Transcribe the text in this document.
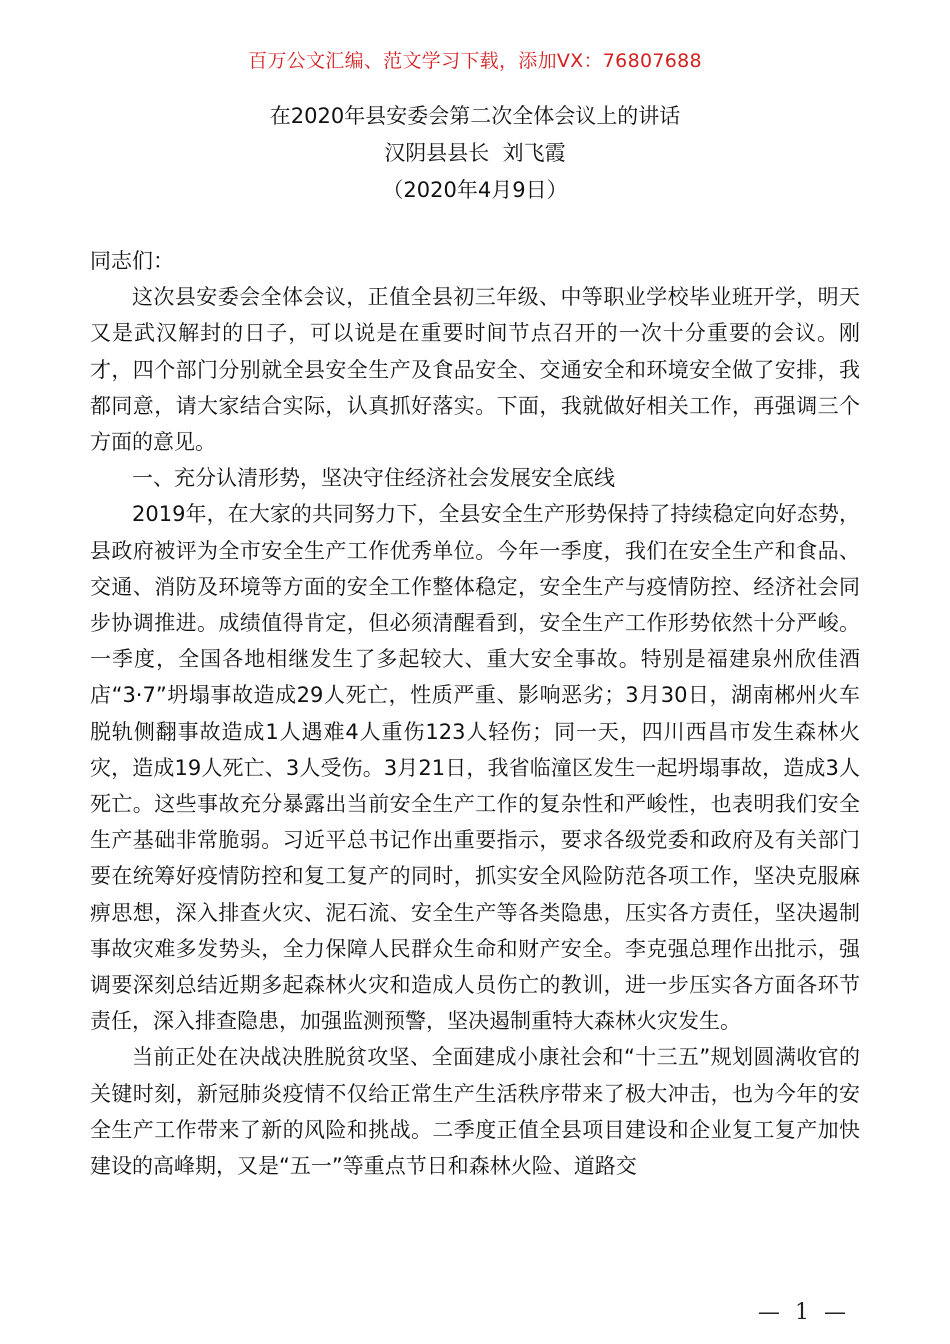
百万公文汇编、范文学习下载，添加VX：76807688
在2020年县安委会第二次全体会议上的讲话
汉阴县县长  刘飞霞
（2020年4月9日）

同志们：

这次县安委会全体会议，正值全县初三年级、中等职业学校毕业班开学，明天又是武汉解封的日子，可以说是在重要时间节点召开的一次十分重要的会议。刚才，四个部门分别就全县安全生产及食品安全、交通安全和环境安全做了安排，我都同意，请大家结合实际，认真抓好落实。下面，我就做好相关工作，再强调三个方面的意见。

一、充分认清形势，坚决守住经济社会发展安全底线

2019年，在大家的共同努力下，全县安全生产形势保持了持续稳定向好态势，县政府被评为全市安全生产工作优秀单位。今年一季度，我们在安全生产和食品、交通、消防及环境等方面的安全工作整体稳定，安全生产与疫情防控、经济社会同步协调推进。成绩值得肯定，但必须清醒看到，安全生产工作形势依然十分严峻。一季度，全国各地相继发生了多起较大、重大安全事故。特别是福建泉州欣佳酒店“3·7”坍塌事故造成29人死亡，性质严重、影响恶劣；3月30日，湖南郴州火车脱轨侧翻事故造成1人遇难4人重伤123人轻伤；同一天，四川西昌市发生森林火灾，造成19人死亡、3人受伤。3月21日，我省临潼区发生一起坍塌事故，造成3人死亡。这些事故充分暴露出当前安全生产工作的复杂性和严峻性，也表明我们安全生产基础非常脆弱。习近平总书记作出重要指示，要求各级党委和政府及有关部门要在统筹好疫情防控和复工复产的同时，抓实安全风险防范各项工作，坚决克服麻痹思想，深入排查火灾、泥石流、安全生产等各类隐患，压实各方责任，坚决遏制事故灾难多发势头，全力保障人民群众生命和财产安全。李克强总理作出批示，强调要深刻总结近期多起森林火灾和造成人员伤亡的教训，进一步压实各方面各环节责任，深入排查隐患，加强监测预警，坚决遏制重特大森林火灾发生。

当前正处在决战决胜脱贫攻坚、全面建成小康社会和“十三五”规划圆满收官的关键时刻，新冠肺炎疫情不仅给正常生产生活秩序带来了极大冲击，也为今年的安全生产工作带来了新的风险和挑战。二季度正值全县项目建设和企业复工复产加快建设的高峰期，又是“五一”等重点节日和森林火险、道路交

— 1 —
